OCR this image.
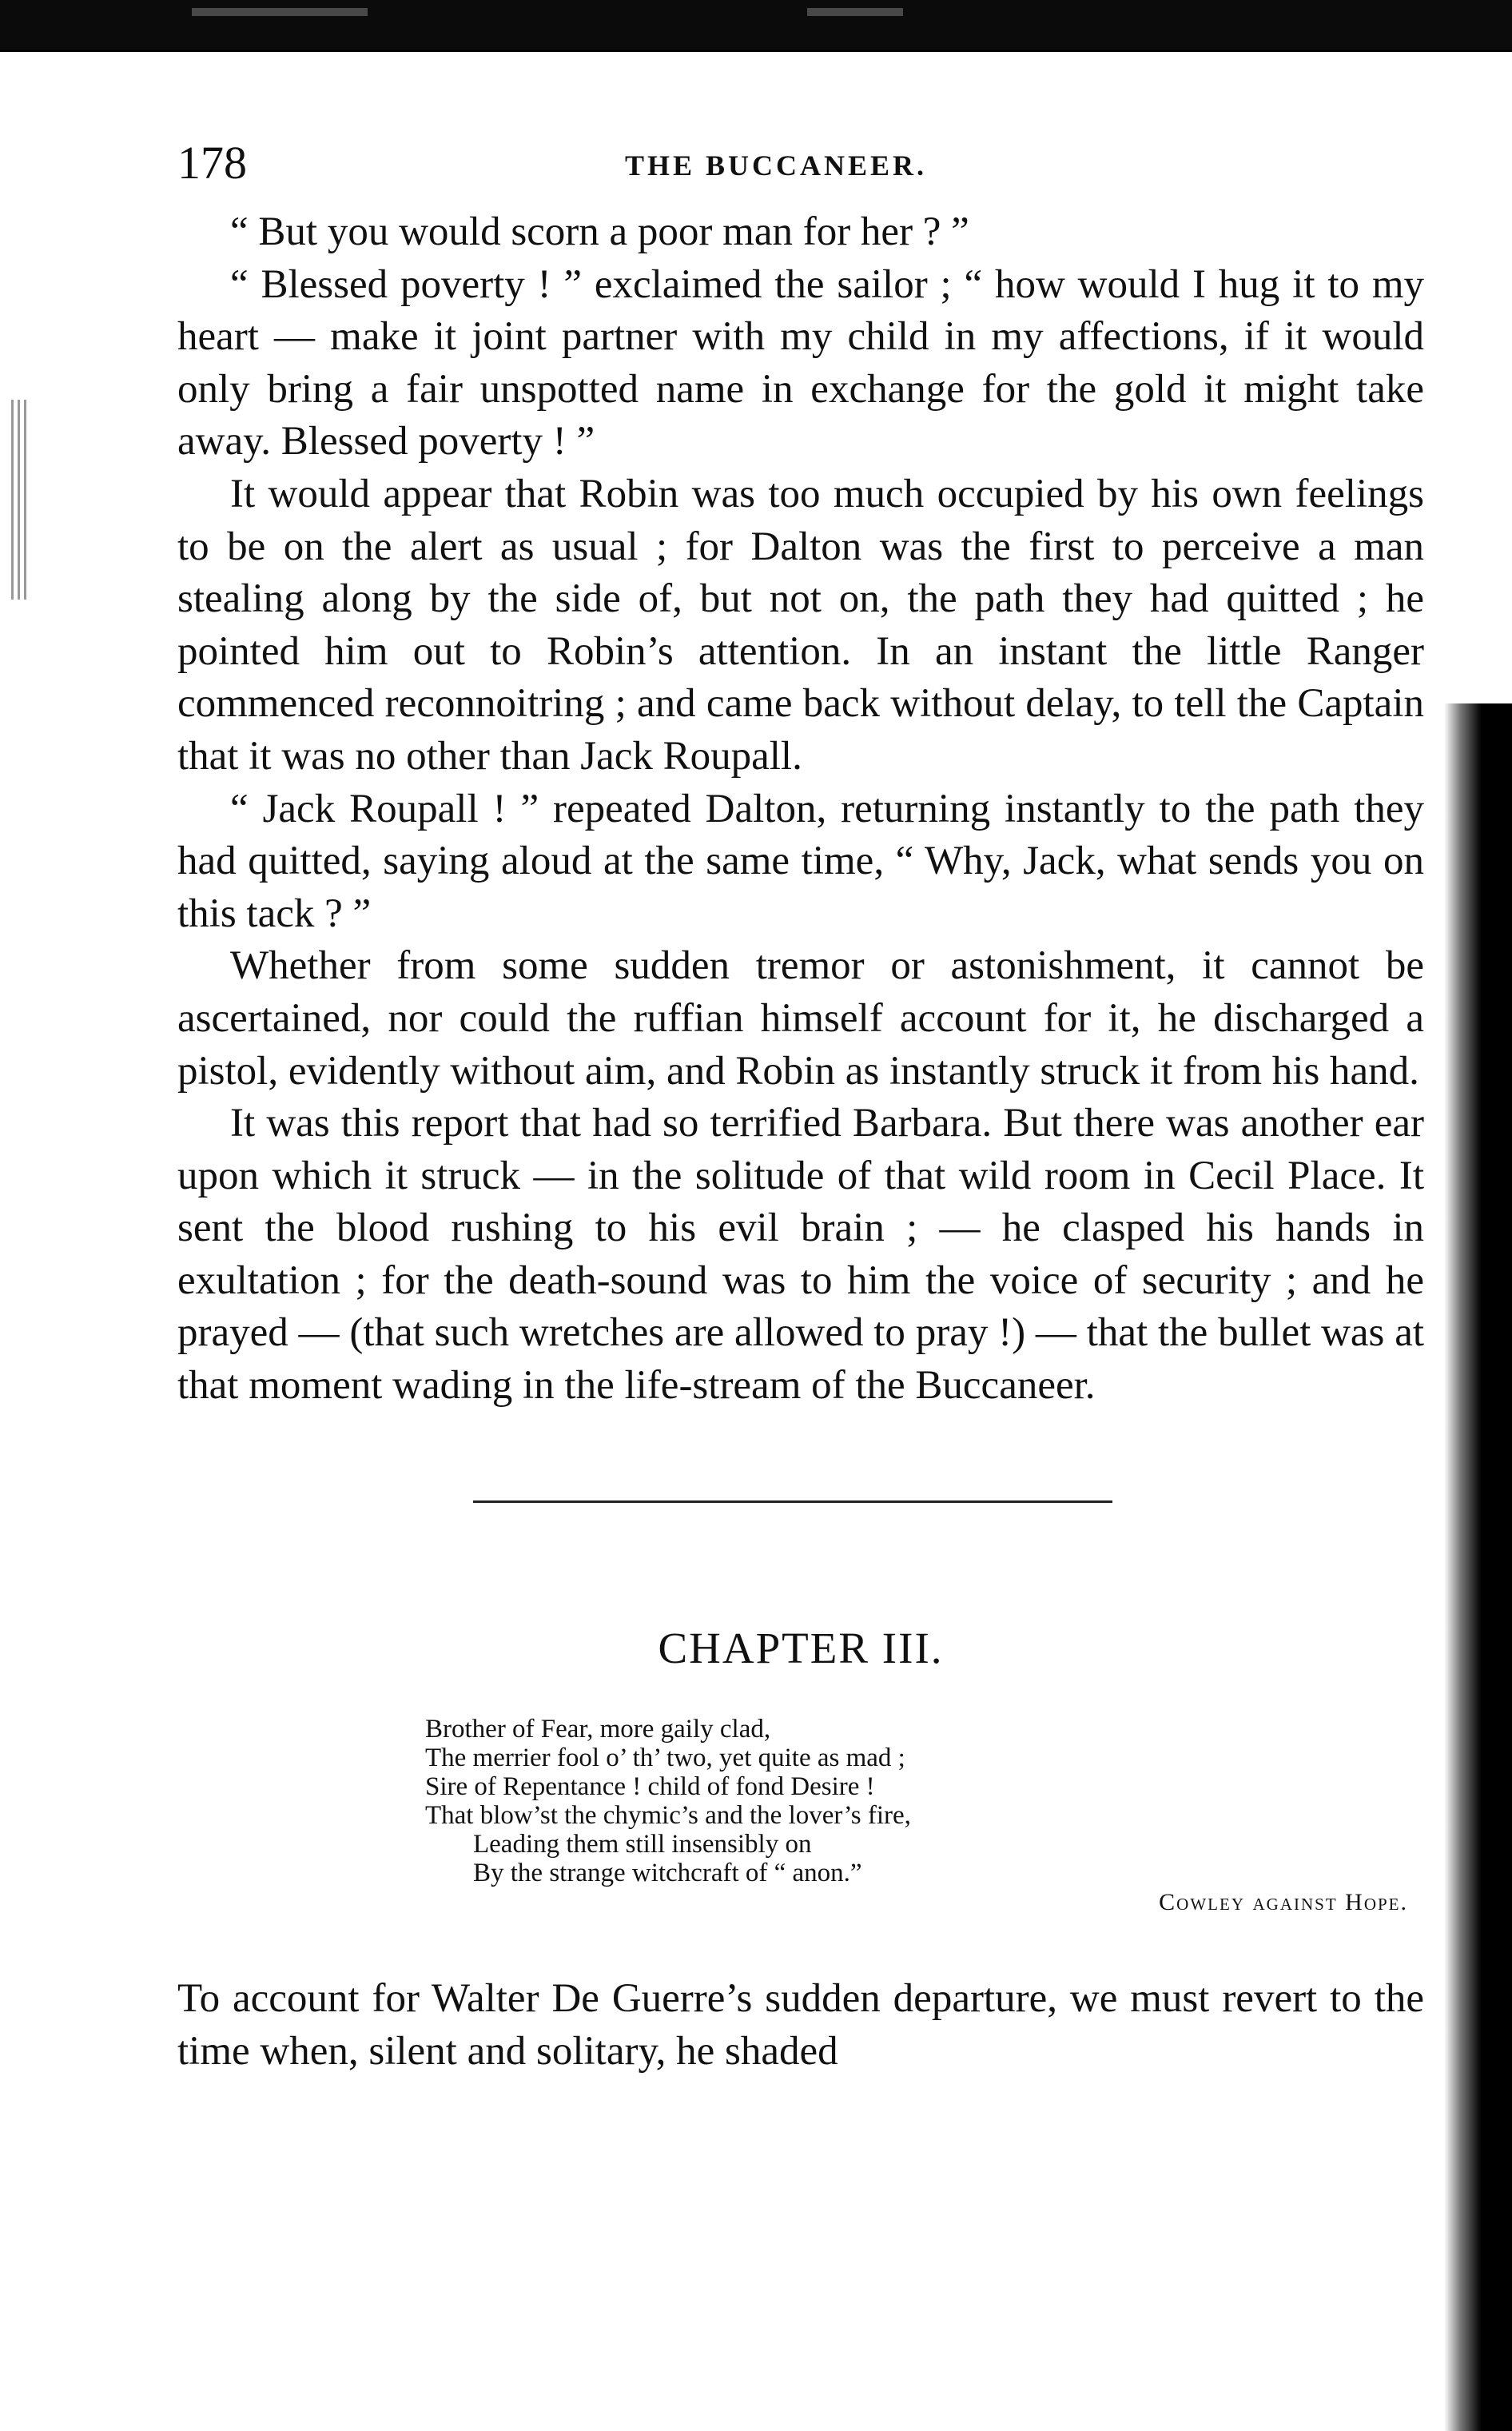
178	THE BUCCANEER.

“ But you would scorn a poor man for her ? ”

“ Blessed poverty ! ” exclaimed the sailor ; “ how would I hug it to my heart — make it joint partner with my child in my affections, if it would only bring a fair unspotted name in exchange for the gold it might take away. Blessed poverty ! ”

It would appear that Robin was too much occupied by his own feelings to be on the alert as usual ; for Dalton was the first to perceive a man stealing along by the side of, but not on, the path they had quitted ; he pointed him out to Robin’s attention. In an instant the little Ranger commenced reconnoitring ; and came back without delay, to tell the Captain that it was no other than Jack Roupall.

“ Jack Roupall ! ” repeated Dalton, returning instantly to the path they had quitted, saying aloud at the same time, “ Why, Jack, what sends you on this tack ? ”

Whether from some sudden tremor or astonishment, it cannot be ascertained, nor could the ruffian himself account for it, he discharged a pistol, evidently without aim, and Robin as instantly struck it from his hand.

It was this report that had so terrified Barbara. But there was another ear upon which it struck — in the solitude of that wild room in Cecil Place. It sent the blood rushing to his evil brain ; — he clasped his hands in exultation ; for the death-sound was to him the voice of security ; and he prayed — (that such wretches are allowed to pray !) — that the bullet was at that moment wading in the life-stream of the Buccaneer.

CHAPTER III.
Brother of Fear, more gaily clad,
The merrier fool o’ th’ two, yet quite as mad ;
Sire of Repentance ! child of fond Desire !
That blow’st the chymic’s and the lover’s fire,
Leading them still insensibly on
By the strange witchcraft of “ anon.”
Cowley against Hope.

To account for Walter De Guerre’s sudden departure, we must revert to the time when, silent and solitary, he shaded
